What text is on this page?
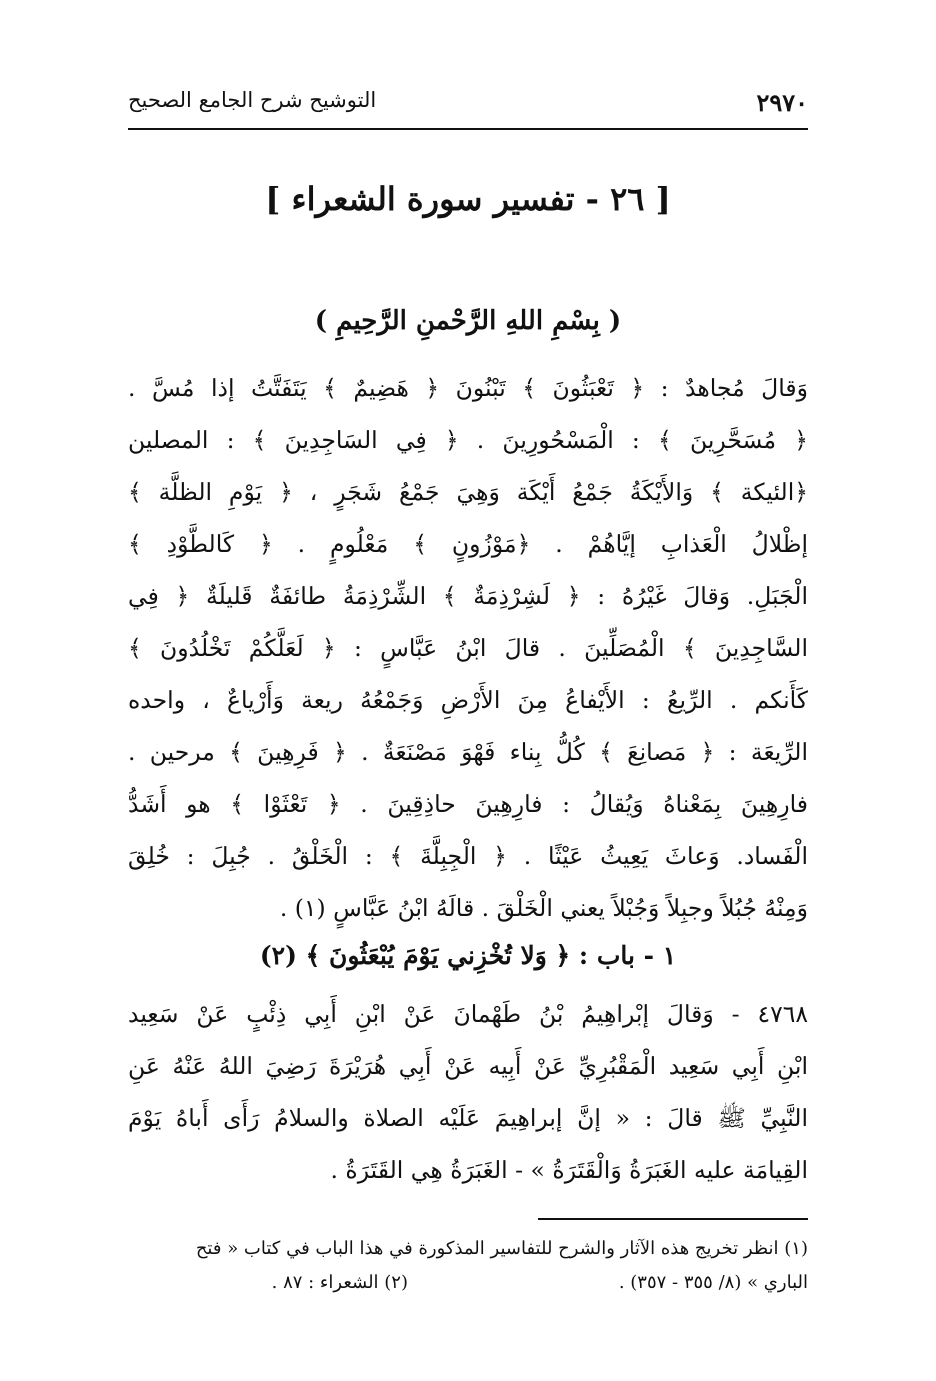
٢٩٧٠
التوشيح شرح الجامع الصحيح
[ ٢٦ - تفسير سورة الشعراء ]
( بِسْمِ اللهِ الرَّحْمنِ الرَّحِيمِ )
وَقالَ مُجاهدٌ : ﴿ تَعْبَثُونَ ﴾ تَبْنُونَ ﴿ هَضِيمٌ ﴾ يَتَفَتَّتُ إذا مُسَّ .
﴿ مُسَحَّرِينَ ﴾ : الْمَسْحُورِينَ . ﴿ فِي السَاجِدِينَ ﴾ : المصلين
﴿الئيكة ﴾ وَالأَيْكَةُ جَمْعُ أَيْكَة وَهِيَ جَمْعُ شَجَرٍ ، ﴿ يَوْمِ الظلَّة ﴾
إظْلالُ الْعَذابِ إيَّاهُمْ . ﴿مَوْزُونٍ ﴾ مَعْلُومٍ . ﴿ كَالطَّوْدِ ﴾
الْجَبَلِ. وَقالَ غَيْرُهُ : ﴿ لَشِرْذِمَةٌ ﴾ الشِّرْذِمَةُ طائفَةٌ قَليلَةٌ ﴿ فِي
السَّاجِدِينَ ﴾ الْمُصَلِّينَ . قالَ ابْنُ عَبَّاسٍ : ﴿ لَعَلَّكُمْ تَخْلُدُونَ ﴾
كَأَنكم . الرِّيعُ : الأَيْفاعُ مِنَ الأَرْضِ وَجَمْعُهُ ريعة وَأَرْياعٌ ، واحده
الرِّيعَة : ﴿ مَصانِعَ ﴾ كُلُّ بِناء فَهْوَ مَصْنَعَةٌ . ﴿ فَرِهِينَ ﴾ مرحين .
فارِهِينَ بِمَعْناهُ وَيُقالُ : فارِهِينَ حاذِقِينَ . ﴿ تَعْثَوْا ﴾ هو أَشَدُّ
الْفَساد. وَعاثَ يَعِيثُ عَيْثًا . ﴿ الْجِبِلَّةَ ﴾ : الْخَلْقُ . جُبِلَ : خُلِقَ
وَمِنْهُ جُبُلاً وجبِلاً وَجُبْلاً يعني الْخَلْقَ . قالَهُ ابْنُ عَبَّاسٍ (١) .
١ - باب : ﴿ وَلا تُخْزِني يَوْمَ يُبْعَثُونَ ﴾ (٢)
٤٧٦٨ - وَقالَ إبْراهِيمُ بْنُ طَهْمانَ عَنْ ابْنِ أَبِي ذِئْبٍ عَنْ سَعِيد
ابْنِ أَبِي سَعِيد الْمَقْبُرِيِّ عَنْ أَبِيه عَنْ أَبِي هُرَيْرَةَ رَضِيَ اللهُ عَنْهُ عَنِ
النَّبِيِّ ﷺ قالَ : « إنَّ إبراهِيمَ عَلَيْه الصلاة والسلامُ رَأَى أَباهُ يَوْمَ
القِيامَة عليه الغَبَرَةُ وَالْقَتَرَةُ » - الغَبَرَةُ هِي القَتَرَةُ .
(١) انظر تخريج هذه الآثار والشرح للتفاسير المذكورة في هذا الباب في كتاب « فتح
الباري » (٨/ ٣٥٥ - ٣٥٧) .
(٢) الشعراء : ٨٧ .
